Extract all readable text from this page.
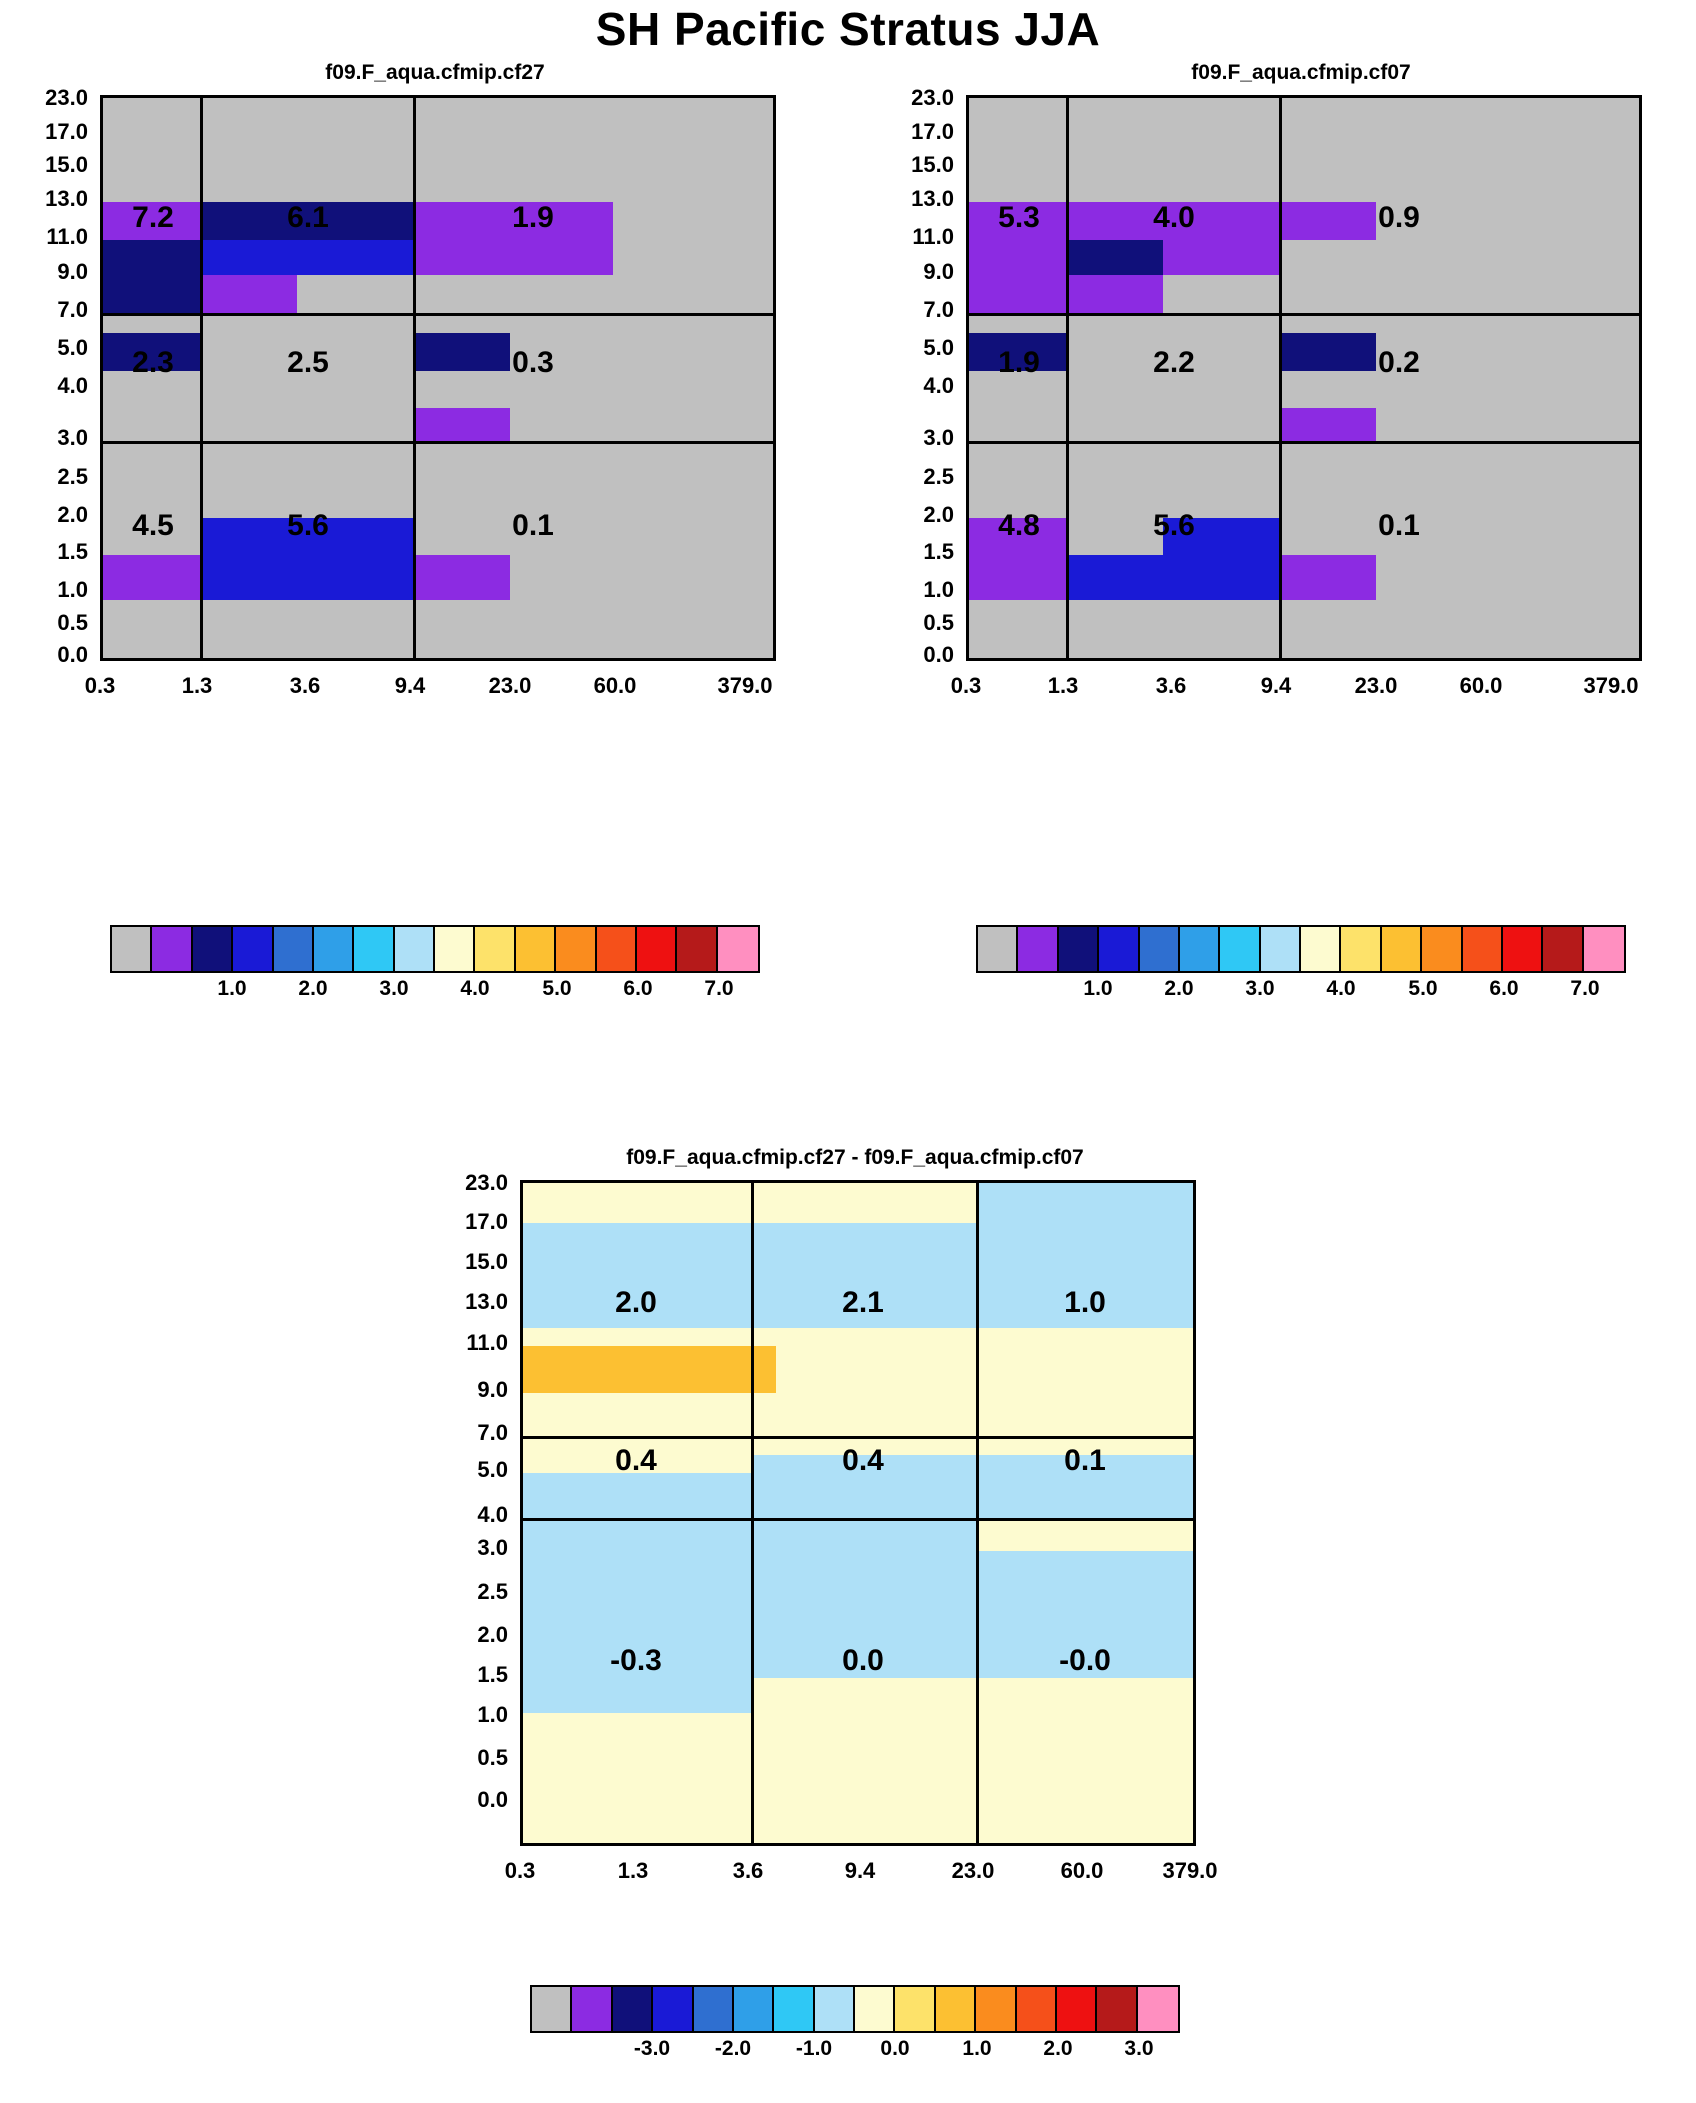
SH Pacific Stratus JJA
f09.F_aqua.cfmip.cf27
7.2	6.1	1.9
2.3	2.5	0.3
4.5	5.6	0.1
23.0
17.0
15.0
13.0
11.0
9.0
7.0
5.0
4.0
3.0
2.5
2.0
1.5
1.0
0.5
0.0
0.3	1.3	3.6	9.4	23.0	60.0	379.0
1.0 2.0 3.0 4.0	5.0 6.0 7.0
f09.F_aqua.cfmip.cf07
5.3	4.0	0.9
1.9	2.2	0.2
4.8	5.6	0.1
23.0
17.0
15.0
13.0
11.0
9.0
7.0
5.0
4.0
3.0
2.5
2.0
1.5
1.0
0.5
0.0
0.3	1.3	3.6	9.4	23.0	60.0	379.0
1.0 2.0 3.0 4.0	5.0 6.0 7.0
f09.F_aqua.cfmip.cf27 - f09.F_aqua.cfmip.cf07
2.0	2.1	1.0
0.4	0.4	0.1
-0.3	0.0	-0.0
23.0
17.0
15.0
13.0
11.0
9.0
7.0
5.0
4.0
3.0
2.5
2.0
1.5
1.0
0.5
0.0
0.3	1.3	3.6	9.4	23.0	60.0	379.0
-3.0 -2.0 -1.0 0.0	1.0 2.0 3.0
